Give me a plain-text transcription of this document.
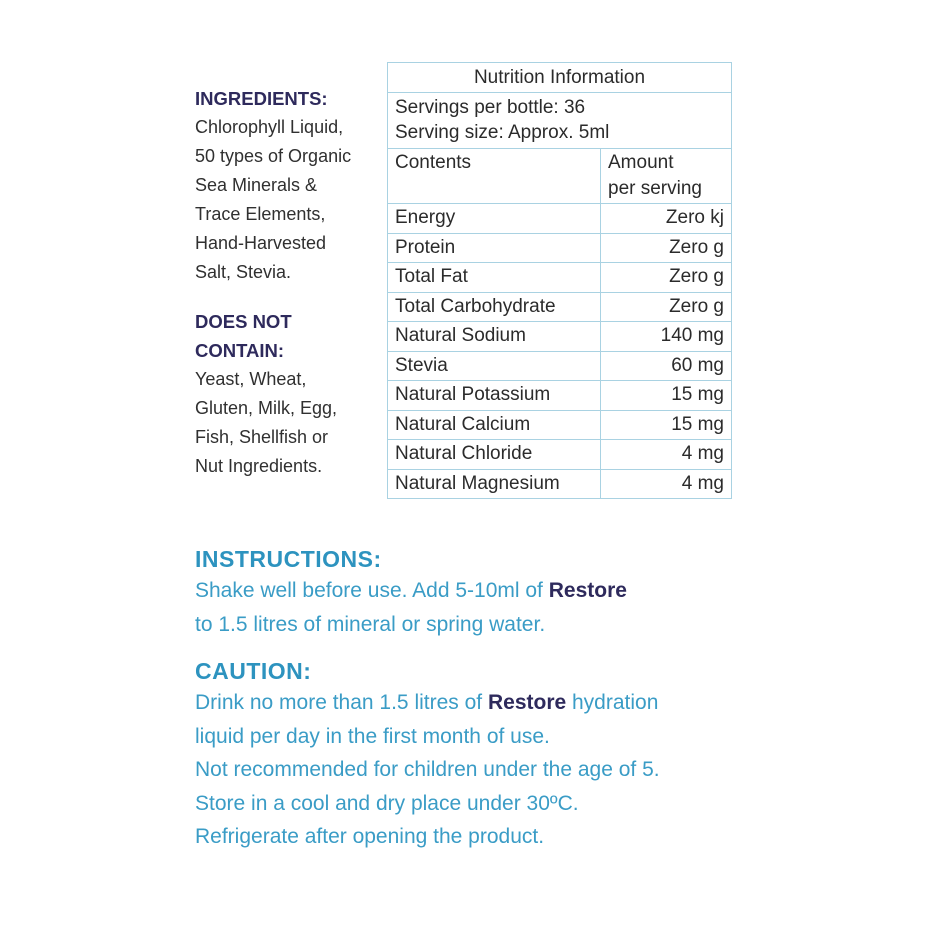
INGREDIENTS:
Chlorophyll Liquid,
50 types of Organic
Sea Minerals &
Trace Elements,
Hand-Harvested
Salt, Stevia.
DOES NOT
CONTAIN:
Yeast, Wheat,
Gluten, Milk, Egg,
Fish, Shellfish or
Nut Ingredients.
Nutrition Information	

Servings per bottle: 36
Serving size: Approx. 5ml	

Contents	Amount
per serving

Energy	Zero kj
Protein	Zero g
Total Fat	Zero g
Total Carbohydrate	Zero g
Natural Sodium	140 mg
Stevia	60 mg
Natural Potassium	15 mg
Natural Calcium	15 mg
Natural Chloride	4 mg
Natural Magnesium	4 mg
INSTRUCTIONS:
Shake well before use. Add 5-10ml of Restore
to 1.5 litres of mineral or spring water.
CAUTION:
Drink no more than 1.5 litres of Restore hydration
liquid per day in the first month of use.
Not recommended for children under the age of 5.
Store in a cool and dry place under 30ºC.
Refrigerate after opening the product.
